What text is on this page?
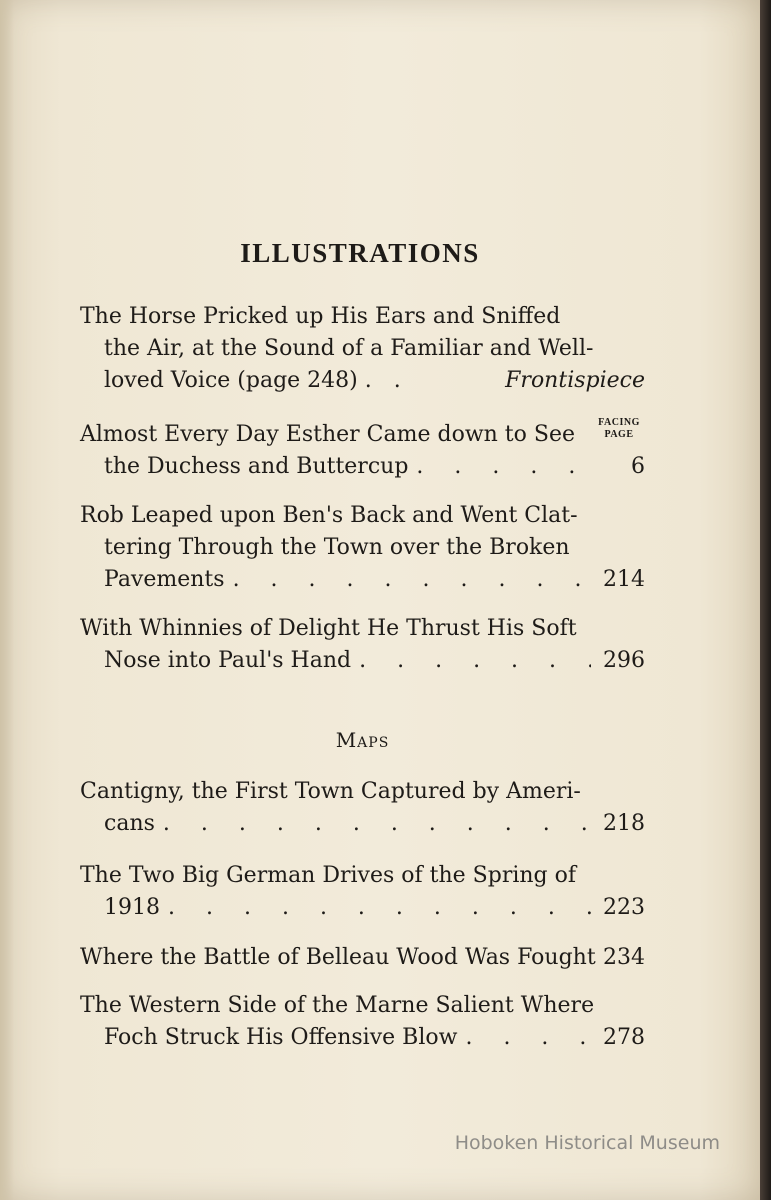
ILLUSTRATIONS
FACING
PAGE
The Horse Pricked up His Ears and Sniffed
the Air, at the Sound of a Familiar and Well-
loved Voice (page 248) . .	Frontispiece
Almost Every Day Esther Came down to See
the Duchess and Buttercup . . .	6
Rob Leaped upon Ben's Back and Went Clat-
tering Through the Town over the Broken
Pavements . . .	214
With Whinnies of Delight He Thrust His Soft
Nose into Paul's Hand . . .	296
Maps
Cantigny, the First Town Captured by Ameri-
cans . . .	218
The Two Big German Drives of the Spring of
1918 . . .	223
Where the Battle of Belleau Wood Was Fought 234
The Western Side of the Marne Salient Where
Foch Struck His Offensive Blow . . .	278
Hoboken Historical Museum
